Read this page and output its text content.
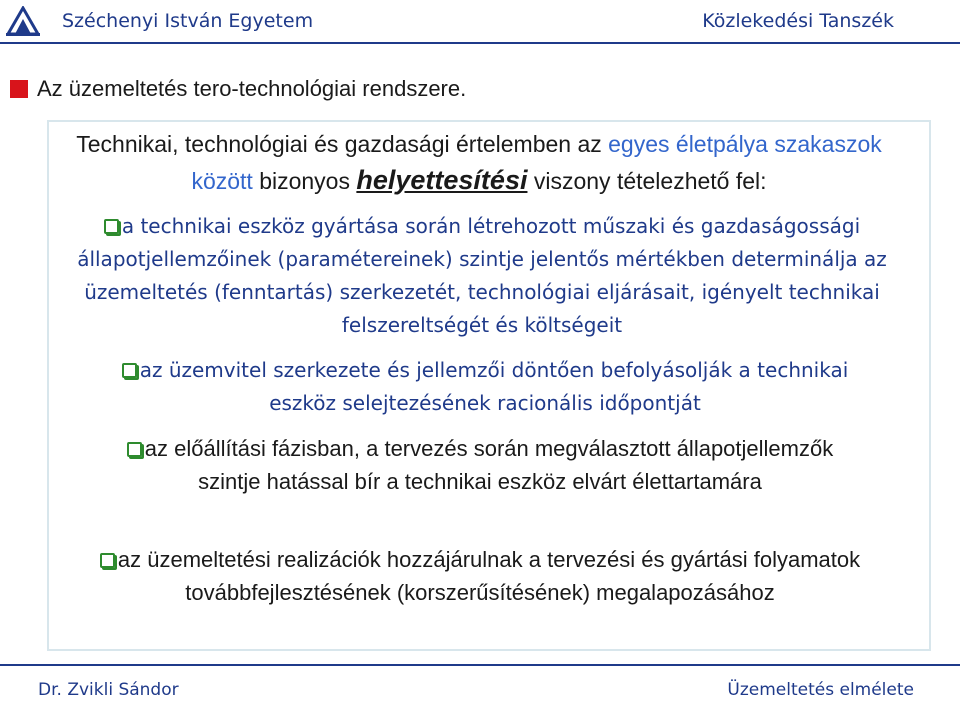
Széchenyi István Egyetem	Közlekedési Tanszék
Az üzemeltetés tero-technológiai rendszere.
Technikai, technológiai és gazdasági értelemben az egyes életpálya szakaszok között bizonyos helyettesítési viszony tételezhető fel:
a technikai eszköz gyártása során létrehozott műszaki és gazdaságossági állapotjellemzőinek (paramétereinek) szintje jelentős mértékben determinálja az üzemeltetés (fenntartás) szerkezetét, technológiai eljárásait, igényelt technikai felszereltségét és költségeit
az üzemvitel szerkezete és jellemzői döntően befolyásolják a technikai eszköz selejtezésének racionális időpontját
az előállítási fázisban, a tervezés során megválasztott állapotjellemzők szintje hatással bír a technikai eszköz elvárt élettartamára
az üzemeltetési realizációk hozzájárulnak a tervezési és gyártási folyamatok továbbfejlesztésének (korszerűsítésének) megalapozásához
Dr. Zvikli Sándor	Üzemeltetés elmélete
